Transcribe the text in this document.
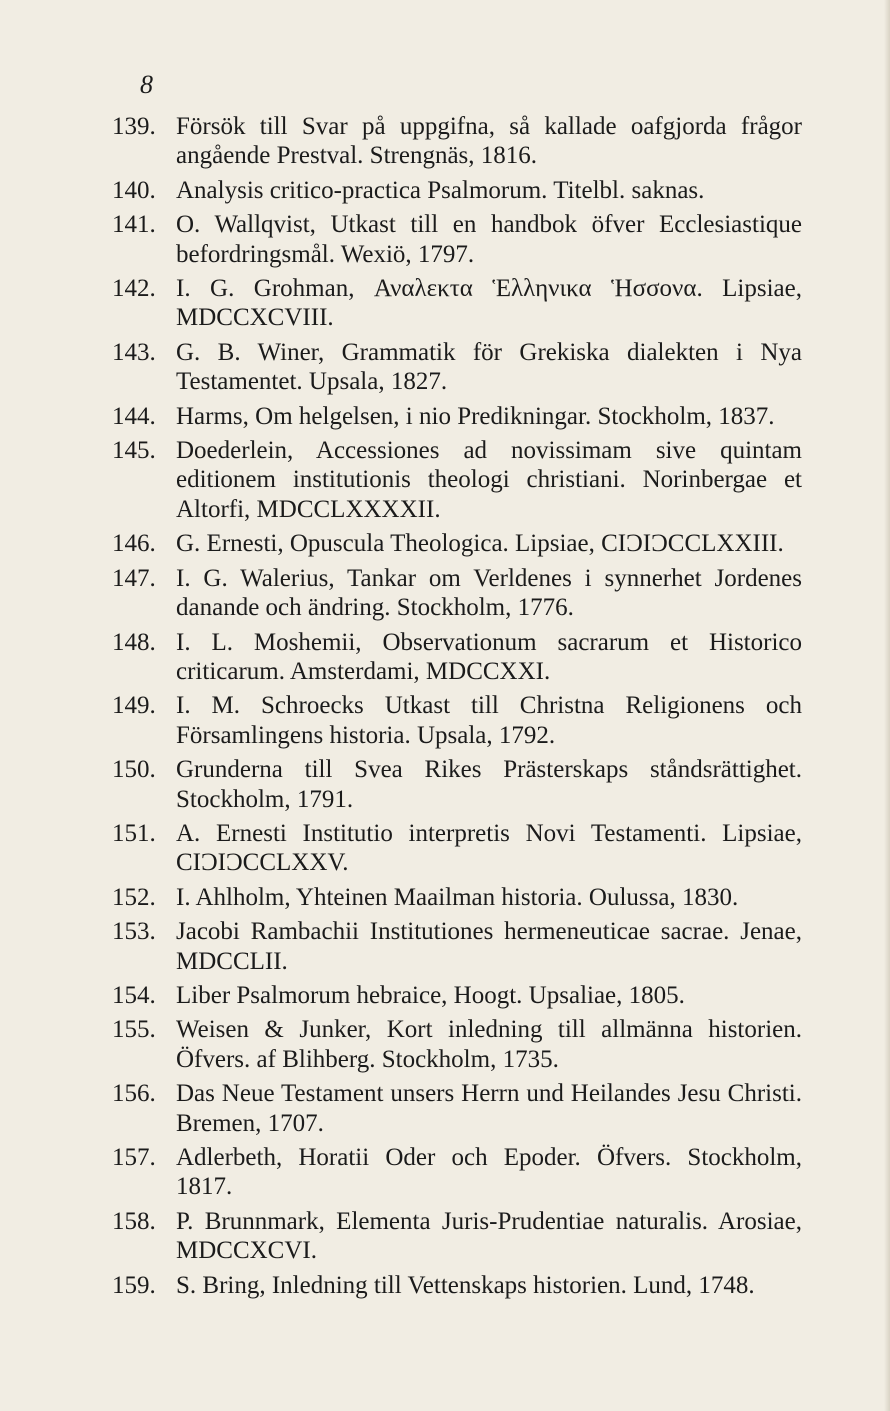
8
139. Försök till Svar på uppgifna, så kallade oafgjorda frågor angående Prestval. Strengnäs, 1816.
140. Analysis critico-practica Psalmorum. Titelbl. saknas.
141. O. Wallqvist, Utkast till en handbok öfver Ecclesiastique befordringsmål. Wexiö, 1797.
142. I. G. Grohman, Αναλεκτα Ἑλληνικα Ἡσσονα. Lipsiae, MDCCXCVIII.
143. G. B. Winer, Grammatik för Grekiska dialekten i Nya Testamentet. Upsala, 1827.
144. Harms, Om helgelsen, i nio Predikningar. Stockholm, 1837.
145. Doederlein, Accessiones ad novissimam sive quintam editionem institutionis theologi christiani. Norinbergae et Altorfi, MDCCLXXXXII.
146. G. Ernesti, Opuscula Theologica. Lipsiae, CIƆIƆCCLXXIII.
147. I. G. Walerius, Tankar om Verldenes i synnerhet Jordenes danande och ändring. Stockholm, 1776.
148. I. L. Moshemii, Observationum sacrarum et Historico criticarum. Amsterdami, MDCCXXI.
149. I. M. Schroecks Utkast till Christna Religionens och Församlingens historia. Upsala, 1792.
150. Grunderna till Svea Rikes Prästerskaps ståndsrättighet. Stockholm, 1791.
151. A. Ernesti Institutio interpretis Novi Testamenti. Lipsiae, CIƆIƆCCLXXV.
152. I. Ahlholm, Yhteinen Maailman historia. Oulussa, 1830.
153. Jacobi Rambachii Institutiones hermeneuticae sacrae. Jenae, MDCCLII.
154. Liber Psalmorum hebraice, Hoogt. Upsaliae, 1805.
155. Weisen & Junker, Kort inledning till allmänna historien. Öfvers. af Blihberg. Stockholm, 1735.
156. Das Neue Testament unsers Herrn und Heilandes Jesu Christi. Bremen, 1707.
157. Adlerbeth, Horatii Oder och Epoder. Öfvers. Stockholm, 1817.
158. P. Brunnmark, Elementa Juris-Prudentiae naturalis. Arosiae, MDCCXCVI.
159. S. Bring, Inledning till Vettenskaps historien. Lund, 1748.
